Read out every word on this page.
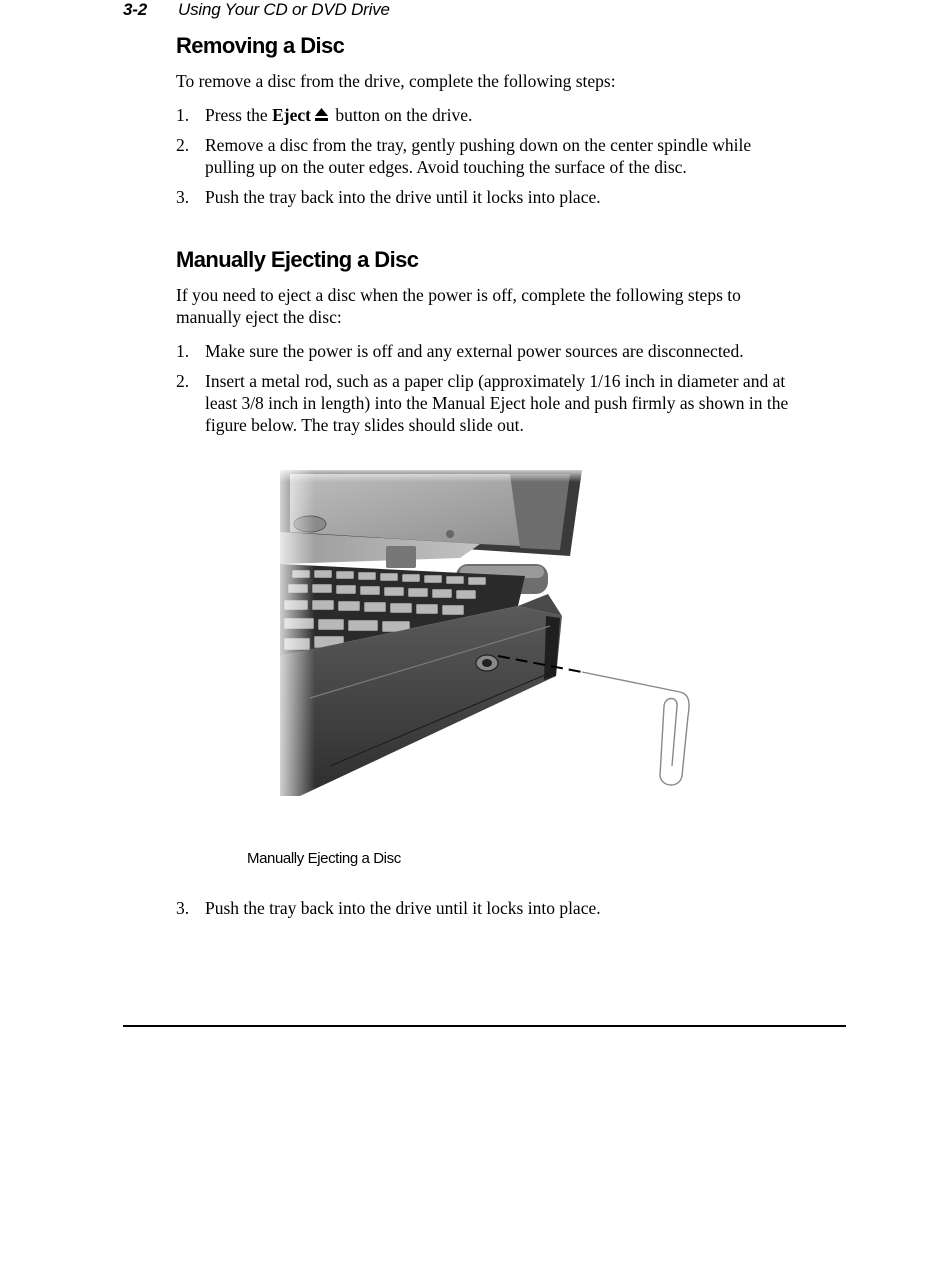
3-2 Using Your CD or DVD Drive
Removing a Disc

To remove a disc from the drive, complete the following steps:

1. Press the Eject button on the drive.
2. Remove a disc from the tray, gently pushing down on the center spindle while pulling up on the outer edges. Avoid touching the surface of the disc.
3. Push the tray back into the drive until it locks into place.
Manually Ejecting a Disc

If you need to eject a disc when the power is off, complete the following steps to manually eject the disc:

1. Make sure the power is off and any external power sources are disconnected.
2. Insert a metal rod, such as a paper clip (approximately 1/16 inch in diameter and at least 3/8 inch in length) into the Manual Eject hole and push firmly as shown in the figure below. The tray slides should slide out.
3. Push the tray back into the drive until it locks into place.
Manually Ejecting a Disc
